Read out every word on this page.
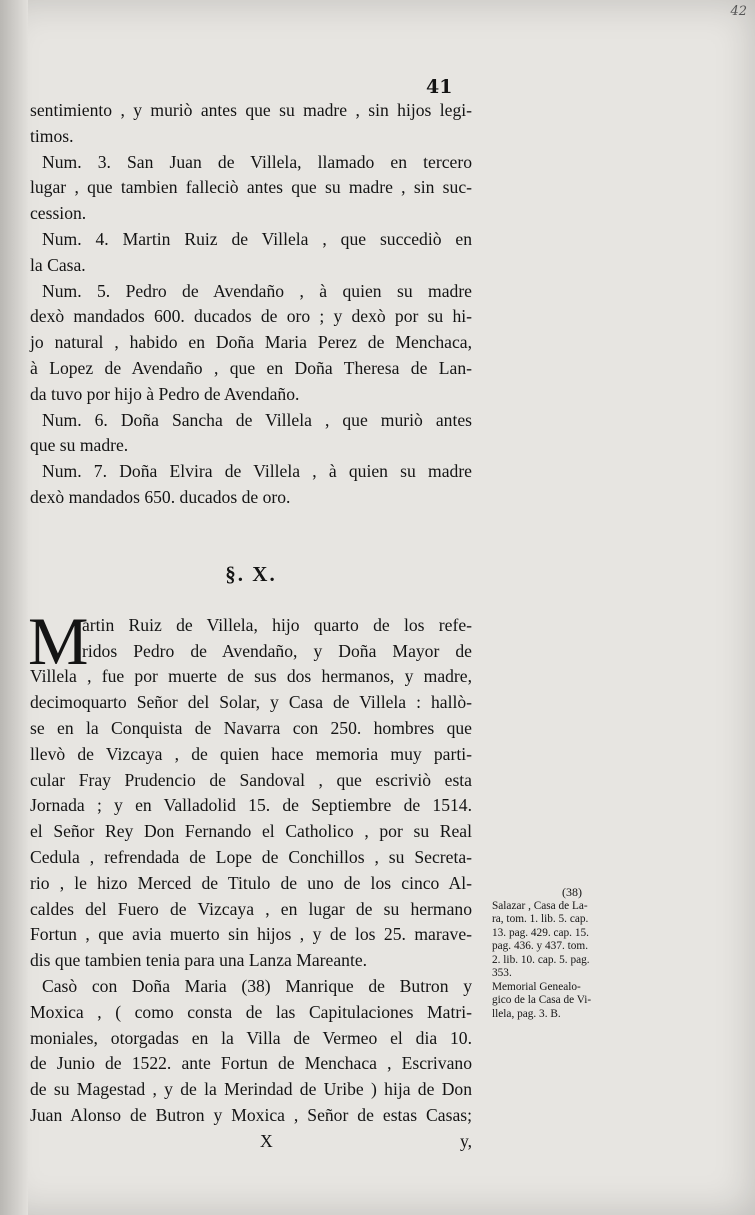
42
41
sentimiento , y muriò antes que su madre , sin hijos legi-
timos.
Num. 3. San Juan de Villela, llamado en tercero
lugar , que tambien falleciò antes que su madre , sin suc-
cession.
Num. 4. Martin Ruiz de Villela , que succediò en
la Casa.
Num. 5. Pedro de Avendaño , à quien su madre
dexò mandados 600. ducados de oro ; y dexò por su hi-
jo natural , habido en Doña Maria Perez de Menchaca,
à Lopez de Avendaño , que en Doña Theresa de Lan-
da tuvo por hijo à Pedro de Avendaño.
Num. 6. Doña Sancha de Villela , que muriò antes
que su madre.
Num. 7. Doña Elvira de Villela , à quien su madre
dexò mandados 650. ducados de oro.
§. X.
M
artin Ruiz de Villela, hijo quarto de los refe-
ridos Pedro de Avendaño, y Doña Mayor de
Villela , fue por muerte de sus dos hermanos, y madre,
decimoquarto Señor del Solar, y Casa de Villela : hallò-
se en la Conquista de Navarra con 250. hombres que
llevò de Vizcaya , de quien hace memoria muy parti-
cular Fray Prudencio de Sandoval , que escriviò esta
Jornada ; y en Valladolid 15. de Septiembre de 1514.
el Señor Rey Don Fernando el Catholico , por su Real
Cedula , refrendada de Lope de Conchillos , su Secreta-
rio , le hizo Merced de Titulo de uno de los cinco Al-
caldes del Fuero de Vizcaya , en lugar de su hermano
Fortun , que avia muerto sin hijos , y de los 25. marave-
dis que tambien tenia para una Lanza Mareante.
Casò con Doña Maria (38) Manrique de Butron y
Moxica , ( como consta de las Capitulaciones Matri-
moniales, otorgadas en la Villa de Vermeo el dia 10.
de Junio de 1522. ante Fortun de Menchaca , Escrivano
de su Magestad , y de la Merindad de Uribe ) hija de Don
Juan Alonso de Butron y Moxica , Señor de estas Casas;
X	y,
(38)
Salazar , Casa de La-
ra, tom. 1. lib. 5. cap.
13. pag. 429. cap. 15.
pag. 436. y 437. tom.
2. lib. 10. cap. 5. pag.
353.
Memorial Genealo-
gico de la Casa de Vi-
llela, pag. 3. B.
